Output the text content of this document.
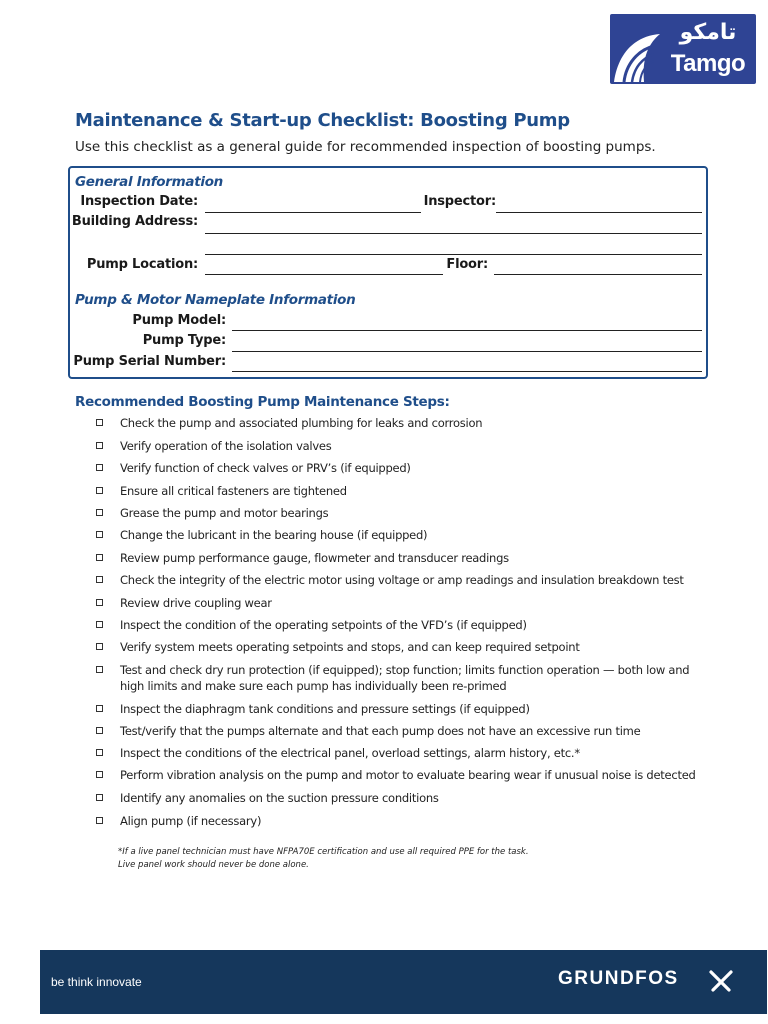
تامكو
Tamgo
Maintenance & Start-up Checklist: Boosting Pump
Use this checklist as a general guide for recommended inspection of boosting pumps.
General Information
Inspection Date:	Inspector:
Building Address:
Pump Location:	Floor:
Pump & Motor Nameplate Information
Pump Model:
Pump Type:
Pump Serial Number:
Recommended Boosting Pump Maintenance Steps:
Check the pump and associated plumbing for leaks and corrosion
Verify operation of the isolation valves
Verify function of check valves or PRV’s (if equipped)
Ensure all critical fasteners are tightened
Grease the pump and motor bearings
Change the lubricant in the bearing house (if equipped)
Review pump performance gauge, flowmeter and transducer readings
Check the integrity of the electric motor using voltage or amp readings and insulation breakdown test
Review drive coupling wear
Inspect the condition of the operating setpoints of the VFD’s (if equipped)
Verify system meets operating setpoints and stops, and can keep required setpoint
Test and check dry run protection (if equipped); stop function; limits function operation — both low and high limits and make sure each pump has individually been re-primed
Inspect the diaphragm tank conditions and pressure settings (if equipped)
Test/verify that the pumps alternate and that each pump does not have an excessive run time
Inspect the conditions of the electrical panel, overload settings, alarm history, etc.*
Perform vibration analysis on the pump and motor to evaluate bearing wear if unusual noise is detected
Identify any anomalies on the suction pressure conditions
Align pump (if necessary)
*If a live panel technician must have NFPA70E certification and use all required PPE for the task.
Live panel work should never be done alone.
be think innovate	GRUNDFOS
